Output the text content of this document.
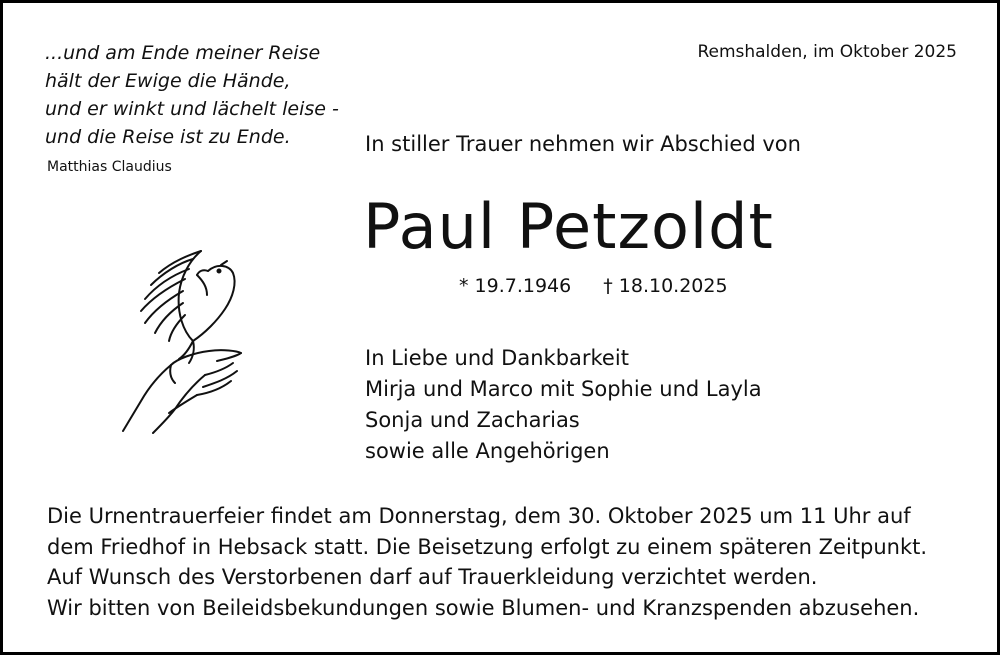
...und am Ende meiner Reise
hält der Ewige die Hände,
und er winkt und lächelt leise -
und die Reise ist zu Ende.
Matthias Claudius
Remshalden, im Oktober 2025
In stiller Trauer nehmen wir Abschied von
Paul Petzoldt
* 19.7.1946 † 18.10.2025
In Liebe und Dankbarkeit
Mirja und Marco mit Sophie und Layla
Sonja und Zacharias
sowie alle Angehörigen
Die Urnentrauerfeier findet am Donnerstag, dem 30. Oktober 2025 um 11 Uhr auf
dem Friedhof in Hebsack statt. Die Beisetzung erfolgt zu einem späteren Zeitpunkt.
Auf Wunsch des Verstorbenen darf auf Trauerkleidung verzichtet werden.
Wir bitten von Beileidsbekundungen sowie Blumen- und Kranzspenden abzusehen.
